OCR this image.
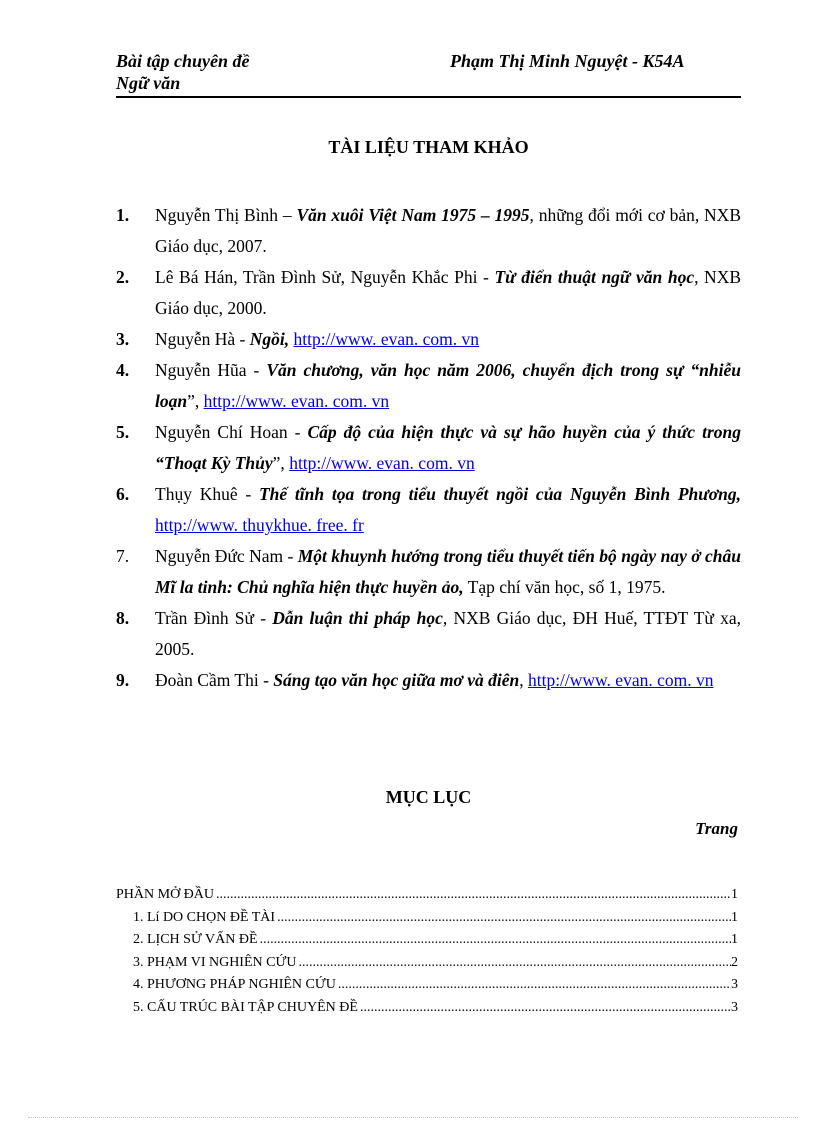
Bài tập chuyên đề
Ngữ văn
Phạm Thị Minh Nguyệt - K54A
TÀI LIỆU THAM KHẢO
1. Nguyễn Thị Bình – Văn xuôi Việt Nam 1975 – 1995, những đổi mới cơ bản, NXB Giáo dục, 2007.
2. Lê Bá Hán, Trần Đình Sử, Nguyễn Khắc Phi - Từ điển thuật ngữ văn học, NXB Giáo dục, 2000.
3. Nguyễn Hà - Ngồi, http://www. evan. com. vn
4. Nguyễn Hũa - Văn chương, văn học năm 2006, chuyển địch trong sự “nhiễu loạn”, http://www. evan. com. vn
5. Nguyễn Chí Hoan - Cấp độ của hiện thực và sự hão huyền của ý thức trong “Thoạt Kỳ Thủy”, http://www. evan. com. vn
6. Thụy Khuê - Thế tĩnh tọa trong tiểu thuyết ngồi của Nguyễn Bình Phương, http://www. thuykhue. free. fr
7. Nguyễn Đức Nam - Một khuynh hướng trong tiểu thuyết tiến bộ ngày nay ở châu Mĩ la tinh: Chủ nghĩa hiện thực huyền ảo, Tạp chí văn học, số 1, 1975.
8. Trần Đình Sử - Dẫn luận thi pháp học, NXB Giáo dục, ĐH Huế, TTĐT Từ xa, 2005.
9. Đoàn Cầm Thi - Sáng tạo văn học giữa mơ và điên, http://www. evan. com. vn
MỤC LỤC
Trang
PHẦN MỞ ĐẦU .....	1
1. Lí DO CHỌN ĐỀ TÀI .....	1
2. LỊCH SỬ VẤN ĐỀ .....	1
3. PHẠM VI NGHIÊN CỨU .....	2
4. PHƯƠNG PHÁP NGHIÊN CỨU .....	3
5. CẤU TRÚC BÀI TẬP CHUYÊN ĐỀ .....	3
